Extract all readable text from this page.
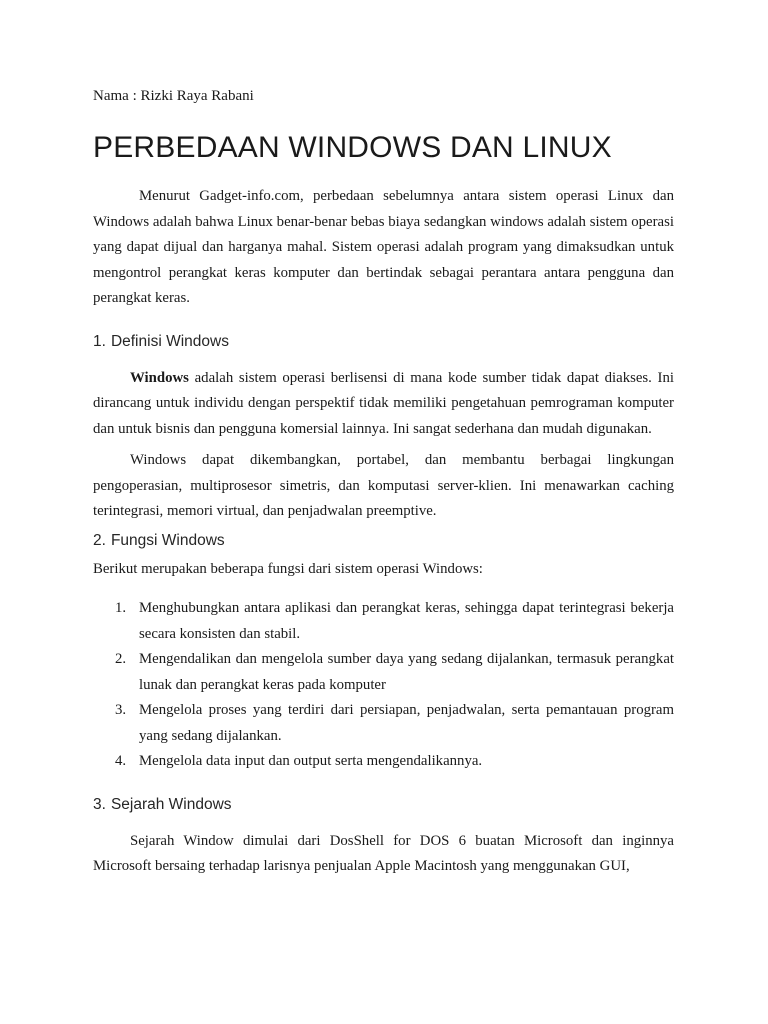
Nama : Rizki Raya Rabani

PERBEDAAN WINDOWS DAN LINUX

Menurut Gadget-info.com, perbedaan sebelumnya antara sistem operasi Linux dan Windows adalah bahwa Linux benar-benar bebas biaya sedangkan windows adalah sistem operasi yang dapat dijual dan harganya mahal. Sistem operasi adalah program yang dimaksudkan untuk mengontrol perangkat keras komputer dan bertindak sebagai perantara antara pengguna dan perangkat keras.

1. Definisi Windows

Windows adalah sistem operasi berlisensi di mana kode sumber tidak dapat diakses. Ini dirancang untuk individu dengan perspektif tidak memiliki pengetahuan pemrograman komputer dan untuk bisnis dan pengguna komersial lainnya. Ini sangat sederhana dan mudah digunakan.

Windows dapat dikembangkan, portabel, dan membantu berbagai lingkungan pengoperasian, multiprosesor simetris, dan komputasi server-klien. Ini menawarkan caching terintegrasi, memori virtual, dan penjadwalan preemptive.

2. Fungsi Windows

Berikut merupakan beberapa fungsi dari sistem operasi Windows:

1. Menghubungkan antara aplikasi dan perangkat keras, sehingga dapat terintegrasi bekerja secara konsisten dan stabil.
2. Mengendalikan dan mengelola sumber daya yang sedang dijalankan, termasuk perangkat lunak dan perangkat keras pada komputer
3. Mengelola proses yang terdiri dari persiapan, penjadwalan, serta pemantauan program yang sedang dijalankan.
4. Mengelola data input dan output serta mengendalikannya.
3. Sejarah Windows

Sejarah Window dimulai dari DosShell for DOS 6 buatan Microsoft dan inginnya Microsoft bersaing terhadap larisnya penjualan Apple Macintosh yang menggunakan GUI,
